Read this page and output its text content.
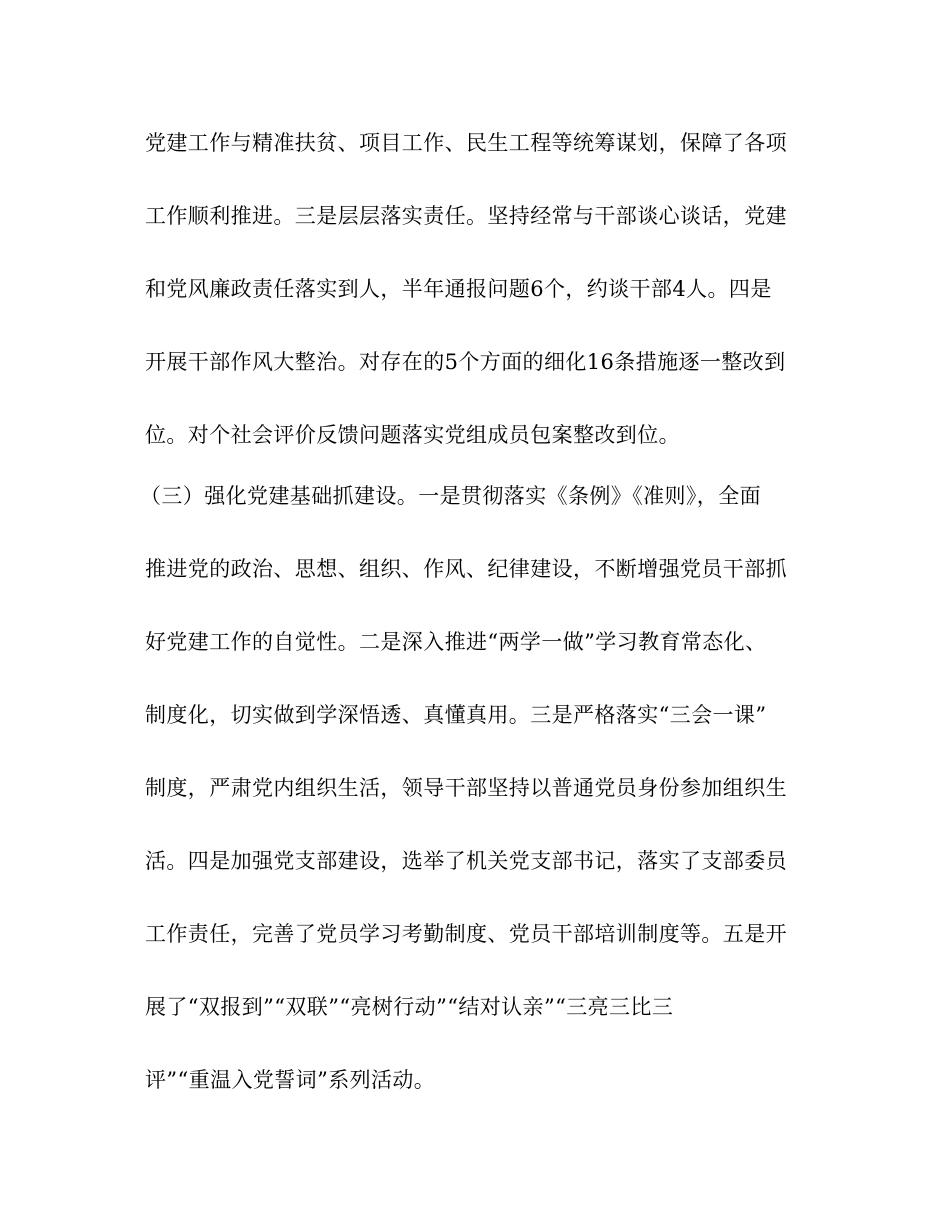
党建工作与精准扶贫、项目工作、民生工程等统筹谋划，保障了各项
工作顺利推进。三是层层落实责任。坚持经常与干部谈心谈话，党建
和党风廉政责任落实到人，半年通报问题6个，约谈干部4人。四是
开展干部作风大整治。对存在的5个方面的细化16条措施逐一整改到
位。对个社会评价反馈问题落实党组成员包案整改到位。
（三）强化党建基础抓建设。一是贯彻落实《条例》《准则》，全面
推进党的政治、思想、组织、作风、纪律建设，不断增强党员干部抓
好党建工作的自觉性。二是深入推进“两学一做”学习教育常态化、
制度化，切实做到学深悟透、真懂真用。三是严格落实“三会一课”
制度，严肃党内组织生活，领导干部坚持以普通党员身份参加组织生
活。四是加强党支部建设，选举了机关党支部书记，落实了支部委员
工作责任，完善了党员学习考勤制度、党员干部培训制度等。五是开
展了“双报到”“双联”“亮树行动”“结对认亲”“三亮三比三
评”“重温入党誓词”系列活动。
